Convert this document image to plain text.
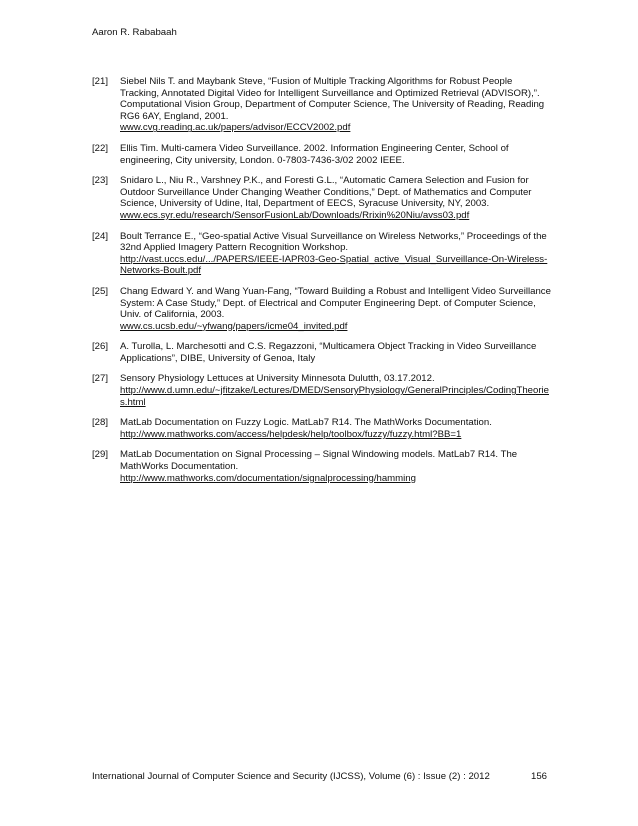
Aaron R. Rababaah

[21] Siebel Nils T. and Maybank Steve, “Fusion of Multiple Tracking Algorithms for Robust People Tracking, Annotated Digital Video for Intelligent Surveillance and Optimized Retrieval (ADVISOR),”. Computational Vision Group, Department of Computer Science, The University of Reading, Reading RG6 6AY, England, 2001.
www.cvg.reading.ac.uk/papers/advisor/ECCV2002.pdf
[22] Ellis Tim. Multi-camera Video Surveillance. 2002. Information Engineering Center, School of engineering, City university, London. 0-7803-7436-3/02 2002 IEEE.
[23] Snidaro L., Niu R., Varshney P.K., and Foresti G.L., “Automatic Camera Selection and Fusion for Outdoor Surveillance Under Changing Weather Conditions,” Dept. of Mathematics and Computer Science, University of Udine, Ital, Department of EECS, Syracuse University, NY, 2003.
www.ecs.syr.edu/research/SensorFusionLab/Downloads/Rrixin%20Niu/avss03.pdf
[24] Boult Terrance E., “Geo-spatial Active Visual Surveillance on Wireless Networks,” Proceedings of the 32nd Applied Imagery Pattern Recognition Workshop.
http://vast.uccs.edu/.../PAPERS/IEEE-IAPR03-Geo-Spatial_active_Visual_Surveillance-On-Wireless-Networks-Boult.pdf
[25] Chang Edward Y. and Wang Yuan-Fang, “Toward Building a Robust and Intelligent Video Surveillance System: A Case Study,” Dept. of Electrical and Computer Engineering Dept. of Computer Science, Univ. of California, 2003.
www.cs.ucsb.edu/~yfwang/papers/icme04_invited.pdf
[26] A. Turolla, L. Marchesotti and C.S. Regazzoni, “Multicamera Object Tracking in Video Surveillance Applications”, DIBE, University of Genoa, Italy
[27] Sensory Physiology Lettuces at University Minnesota Dulutth, 03.17.2012.
http://www.d.umn.edu/~jfitzake/Lectures/DMED/SensoryPhysiology/GeneralPrinciples/CodingTheories.html
[28] MatLab Documentation on Fuzzy Logic. MatLab7 R14. The MathWorks Documentation.
http://www.mathworks.com/access/helpdesk/help/toolbox/fuzzy/fuzzy.html?BB=1
[29] MatLab Documentation on Signal Processing – Signal Windowing models. MatLab7 R14. The MathWorks Documentation.
http://www.mathworks.com/documentation/signalprocessing/hamming
International Journal of Computer Science and Security (IJCSS), Volume (6) : Issue (2) : 2012	156
